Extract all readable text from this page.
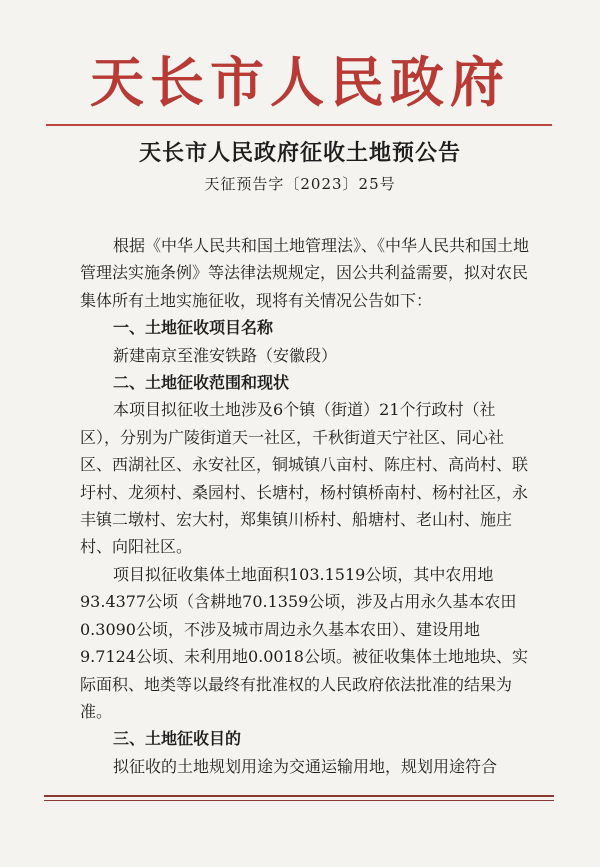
天长市人民政府
天长市人民政府征收土地预公告
天征预告字〔2023〕25号

根据《中华人民共和国土地管理法》、《中华人民共和国土地管理法实施条例》等法律法规规定，因公共利益需要，拟对农民集体所有土地实施征收，现将有关情况公告如下：

一、土地征收项目名称

新建南京至淮安铁路（安徽段）

二、土地征收范围和现状

本项目拟征收土地涉及6个镇（街道）21个行政村（社区），分别为广陵街道天一社区，千秋街道天宁社区、同心社区、西湖社区、永安社区，铜城镇八亩村、陈庄村、高尚村、联圩村、龙须村、桑园村、长塘村，杨村镇桥南村、杨村社区，永丰镇二墩村、宏大村，郑集镇川桥村、船塘村、老山村、施庄村、向阳社区。

项目拟征收集体土地面积103.1519公顷，其中农用地93.4377公顷（含耕地70.1359公顷，涉及占用永久基本农田0.3090公顷，不涉及城市周边永久基本农田）、建设用地9.7124公顷、未利用地0.0018公顷。被征收集体土地地块、实际面积、地类等以最终有批准权的人民政府依法批准的结果为准。

三、土地征收目的

拟征收的土地规划用途为交通运输用地，规划用途符合
